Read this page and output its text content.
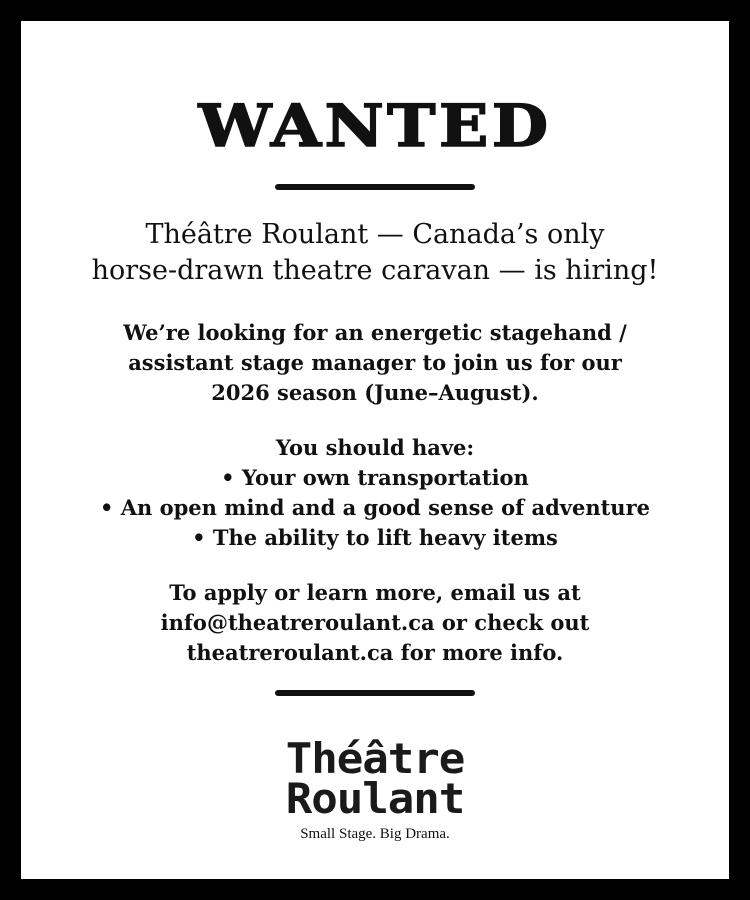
WANTED
Théâtre Roulant — Canada’s only
horse-drawn theatre caravan — is hiring!
We’re looking for an energetic stagehand /
assistant stage manager to join us for our
2026 season (June–August).
You should have:
• Your own transportation
• An open mind and a good sense of adventure
• The ability to lift heavy items
To apply or learn more, email us at
info@theatreroulant.ca or check out
theatreroulant.ca for more info.
Théâtre
Roulant
Small Stage. Big Drama.
